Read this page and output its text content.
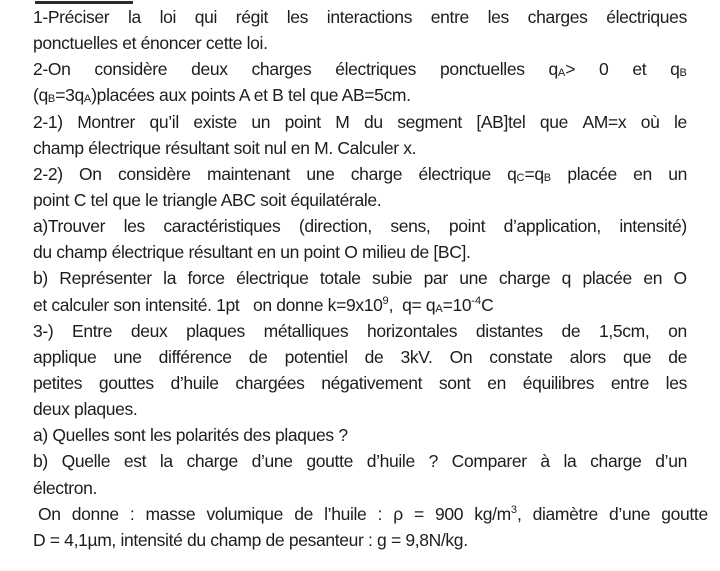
1-Préciser la loi qui régit les interactions entre les charges électriques
ponctuelles et énoncer cette loi.
2-On considère deux charges électriques ponctuelles qA> 0 et qB
(qB=3qA)placées aux points A et B tel que AB=5cm.
2-1) Montrer qu’il existe un point M du segment [AB]tel que AM=x où le
champ électrique résultant soit nul en M. Calculer x.
2-2) On considère maintenant une charge électrique qC=qB placée en un
point C tel que le triangle ABC soit équilatérale.
a)Trouver les caractéristiques (direction, sens, point d’application, intensité)
du champ électrique résultant en un point O milieu de [BC].
b) Représenter la force électrique totale subie par une charge q placée en O
et calculer son intensité. 1pt   on donne $k=9x10^9$,  $q= qA=10^{-4}C$
3-) Entre deux plaques métalliques horizontales distantes de 1,5cm, on
applique une différence de potentiel de 3kV. On constate alors que de
petites gouttes d’huile chargées négativement sont en équilibres entre les
deux plaques.
a) Quelles sont les polarités des plaques ?
b) Quelle est la charge d’une goutte d’huile ? Comparer à la charge d’un
électron.
On donne : masse volumique de l’huile : ρ = 900 $kg/m^3$, diamètre d’une goutte
D = 4,1µm, intensité du champ de pesanteur : g = 9,8N/kg.
